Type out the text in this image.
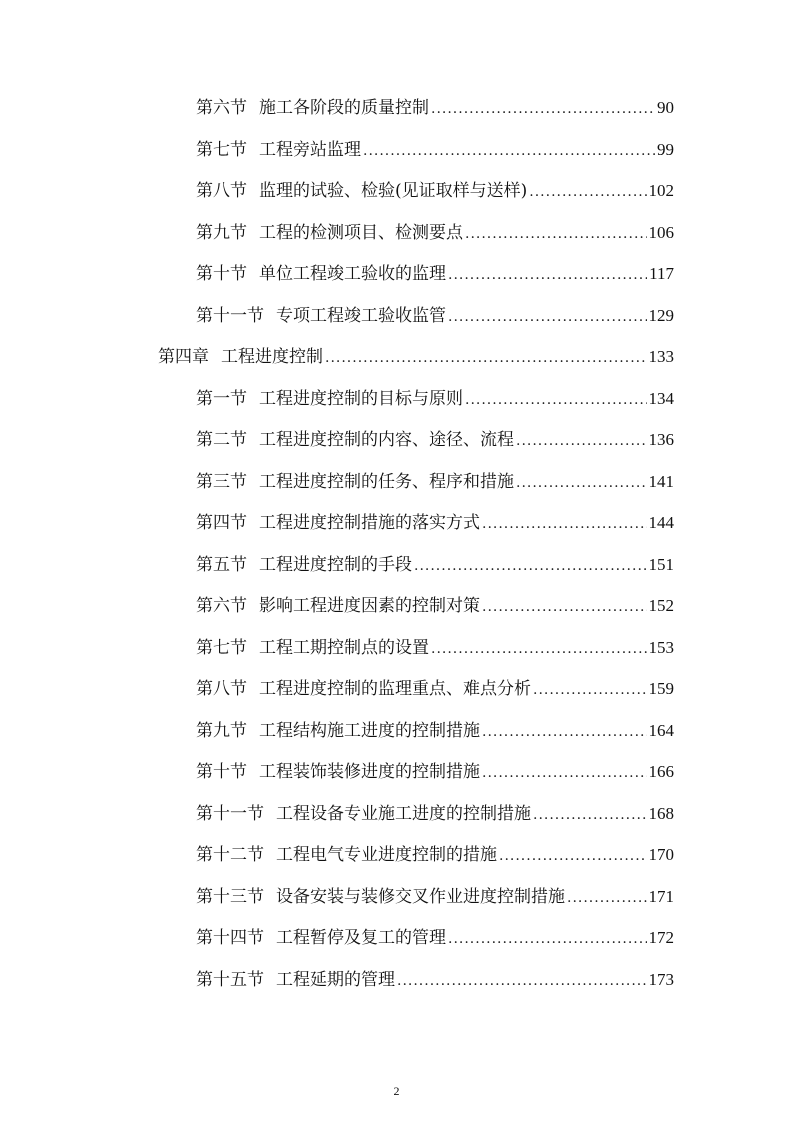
第六节 施工各阶段的质量控制 .....	90
第七节 工程旁站监理 .....	99
第八节 监理的试验、检验(见证取样与送样) .....	102
第九节 工程的检测项目、检测要点 .....	106
第十节 单位工程竣工验收的监理 .....	117
第十一节 专项工程竣工验收监管 .....	129
第四章 工程进度控制 .....	133
第一节 工程进度控制的目标与原则 .....	134
第二节 工程进度控制的内容、途径、流程 .....	136
第三节 工程进度控制的任务、程序和措施 .....	141
第四节 工程进度控制措施的落实方式 .....	144
第五节 工程进度控制的手段 .....	151
第六节 影响工程进度因素的控制对策 .....	152
第七节 工程工期控制点的设置 .....	153
第八节 工程进度控制的监理重点、难点分析 .....	159
第九节 工程结构施工进度的控制措施 .....	164
第十节 工程装饰装修进度的控制措施 .....	166
第十一节 工程设备专业施工进度的控制措施 .....	168
第十二节 工程电气专业进度控制的措施 .....	170
第十三节 设备安装与装修交叉作业进度控制措施 .....	171
第十四节 工程暂停及复工的管理 .....	172
第十五节 工程延期的管理 .....	173
2
